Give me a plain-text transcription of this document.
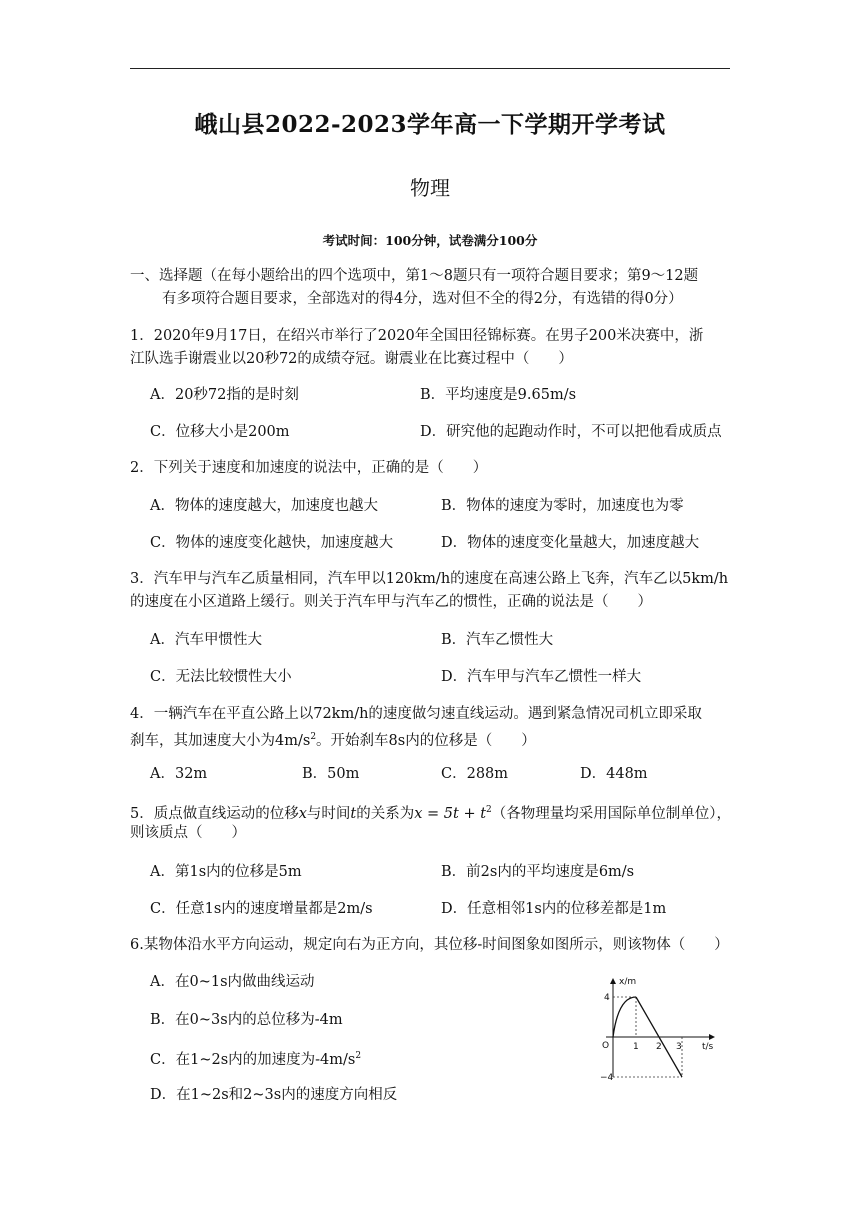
峨山县2022-2023学年高一下学期开学考试
物理
考试时间：100分钟，试卷满分100分
一、选择题（在每小题给出的四个选项中，第1～8题只有一项符合题目要求；第9～12题
有多项符合题目要求，全部选对的得4分，选对但不全的得2分，有选错的得0分）
1．2020年9月17日，在绍兴市举行了2020年全国田径锦标赛。在男子200米决赛中，浙
江队选手谢震业以20秒72的成绩夺冠。谢震业在比赛过程中（　　）
A．20秒72指的是时刻	B．平均速度是9.65m/s
C．位移大小是200m	D．研究他的起跑动作时，不可以把他看成质点
2．下列关于速度和加速度的说法中，正确的是（　　）
A．物体的速度越大，加速度也越大	B．物体的速度为零时，加速度也为零
C．物体的速度变化越快，加速度越大	D．物体的速度变化量越大，加速度越大
3．汽车甲与汽车乙质量相同，汽车甲以120km/h的速度在高速公路上飞奔，汽车乙以5km/h
的速度在小区道路上缓行。则关于汽车甲与汽车乙的惯性，正确的说法是（　　）
A．汽车甲惯性大	B．汽车乙惯性大
C．无法比较惯性大小	D．汽车甲与汽车乙惯性一样大
4．一辆汽车在平直公路上以72km/h的速度做匀速直线运动。遇到紧急情况司机立即采取
刹车，其加速度大小为$4m/s^2$。开始刹车8s内的位移是（　　）
A．32m	B．50m	C．288m	D．448m
5．质点做直线运动的位移x与时间t的关系为$x = 5t + t^2$（各物理量均采用国际单位制单位），
则该质点（　　）
A．第1s内的位移是5m	B．前2s内的平均速度是6m/s
C．任意1s内的速度增量都是2m/s	D．任意相邻1s内的位移差都是1m
6.某物体沿水平方向运动，规定向右为正方向，其位移-时间图象如图所示，则该物体（　　）
A．在0~1s内做曲线运动
B．在0~3s内的总位移为-4m
C．在1~2s内的加速度为$-4m/s^2$
D．在1~2s和2~3s内的速度方向相反
x/m
t/s
O
4
−4
1 2 3
